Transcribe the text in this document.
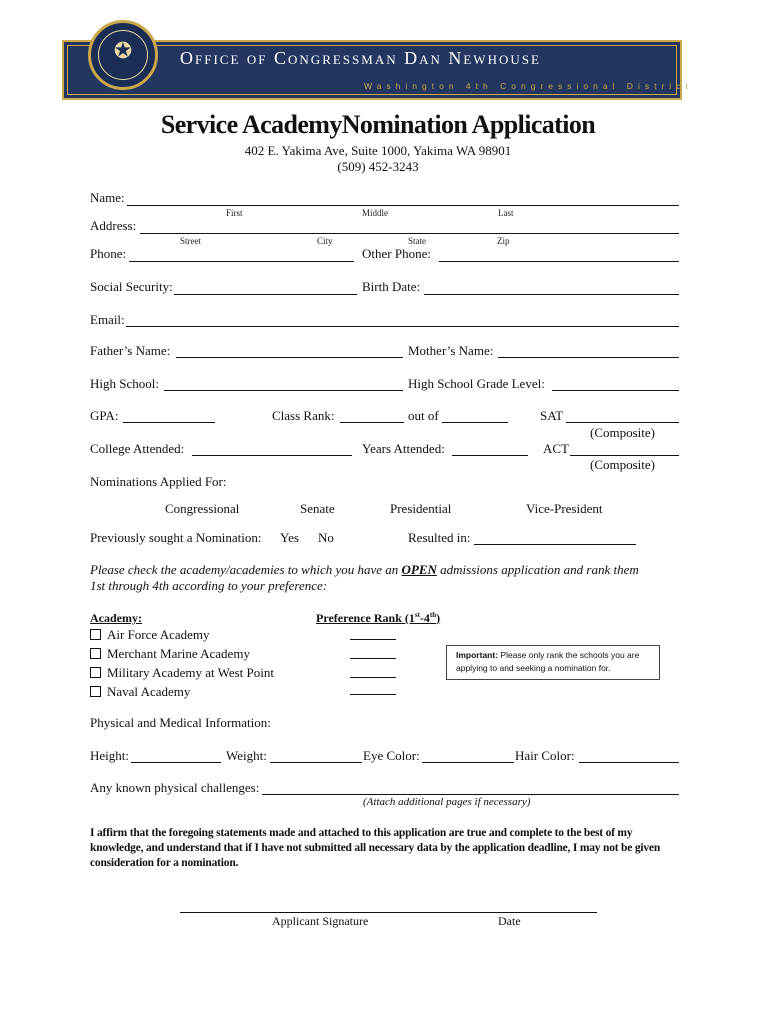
✪	Office of Congressman Dan Newhouse
Washington 4th Congressional District
Service AcademyNomination Application
402 E. Yakima Ave, Suite 1000, Yakima WA 98901
(509) 452-3243
Name:
First	Middle	Last
Address:
Street	City	State	Zip
Phone:	Other Phone:
Social Security:	Birth Date:
Email:
Father’s Name:	Mother’s Name:
High School:	High School Grade Level:
GPA:	Class Rank:	out of	SAT
(Composite)
College Attended:	Years Attended:	ACT
(Composite)
Nominations Applied For:
Congressional	Senate	Presidential	Vice-President
Previously sought a Nomination: Yes No	Resulted in:
Please check the academy/academies to which you have an OPEN admissions application and rank them
1st through 4th according to your preference:
Academy:	Preference Rank (1st-4th)
Air Force Academy
Merchant Marine Academy
Military Academy at West Point
Naval Academy
Important: Please only rank the schools you are applying to and seeking a nomination for.
Physical and Medical Information:
Height:	Weight:	Eye Color:	Hair Color:
Any known physical challenges:
(Attach additional pages if necessary)
I affirm that the foregoing statements made and attached to this application are true and complete to the best of my knowledge, and understand that if I have not submitted all necessary data by the application deadline, I may not be given consideration for a nomination.
Applicant Signature	Date
